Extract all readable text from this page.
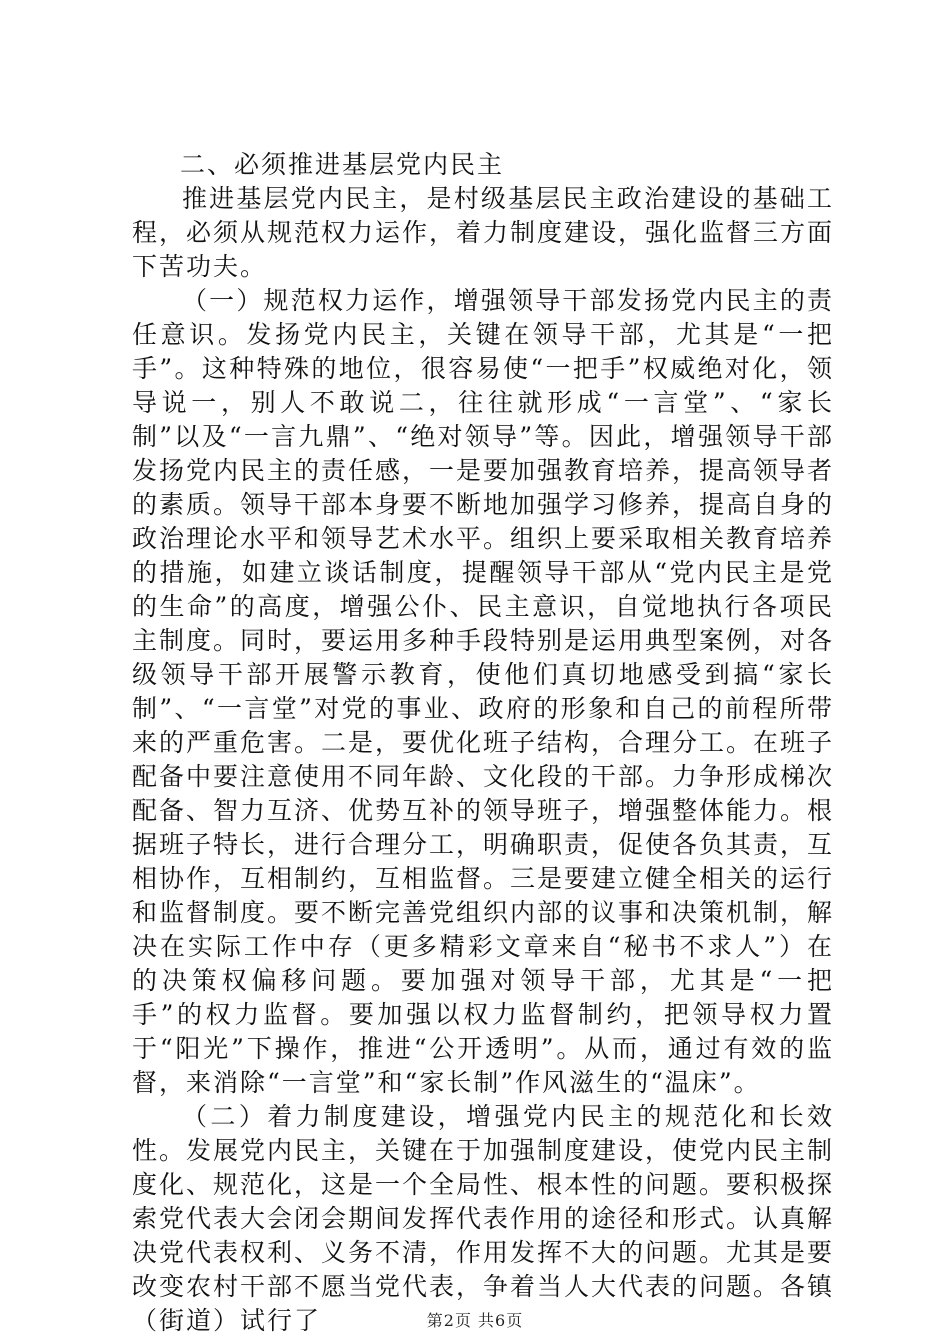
二、必须推进基层党内民主

推进基层党内民主，是村级基层民主政治建设的基础工程，必须从规范权力运作，着力制度建设，强化监督三方面下苦功夫。

（一）规范权力运作，增强领导干部发扬党内民主的责任意识。发扬党内民主，关键在领导干部，尤其是“一把手”。这种特殊的地位，很容易使“一把手”权威绝对化，领导说一，别人不敢说二，往往就形成“一言堂”、“家长制”以及“一言九鼎”、“绝对领导”等。因此，增强领导干部发扬党内民主的责任感，一是要加强教育培养，提高领导者的素质。领导干部本身要不断地加强学习修养，提高自身的政治理论水平和领导艺术水平。组织上要采取相关教育培养的措施，如建立谈话制度，提醒领导干部从“党内民主是党的生命”的高度，增强公仆、民主意识，自觉地执行各项民主制度。同时，要运用多种手段特别是运用典型案例，对各级领导干部开展警示教育，使他们真切地感受到搞“家长制”、“一言堂”对党的事业、政府的形象和自己的前程所带来的严重危害。二是，要优化班子结构，合理分工。在班子配备中要注意使用不同年龄、文化段的干部。力争形成梯次配备、智力互济、优势互补的领导班子，增强整体能力。根据班子特长，进行合理分工，明确职责，促使各负其责，互相协作，互相制约，互相监督。三是要建立健全相关的运行和监督制度。要不断完善党组织内部的议事和决策机制，解决在实际工作中存（更多精彩文章来自“秘书不求人”）在的决策权偏移问题。要加强对领导干部，尤其是“一把手”的权力监督。要加强以权力监督制约，把领导权力置于“阳光”下操作，推进“公开透明”。从而，通过有效的监督，来消除“一言堂”和“家长制”作风滋生的“温床”。

（二）着力制度建设，增强党内民主的规范化和长效性。发展党内民主，关键在于加强制度建设，使党内民主制度化、规范化，这是一个全局性、根本性的问题。要积极探索党代表大会闭会期间发挥代表作用的途径和形式。认真解决党代表权利、义务不清，作用发挥不大的问题。尤其是要改变农村干部不愿当党代表，争着当人大代表的问题。各镇（街道）试行了	第2页 共6页
